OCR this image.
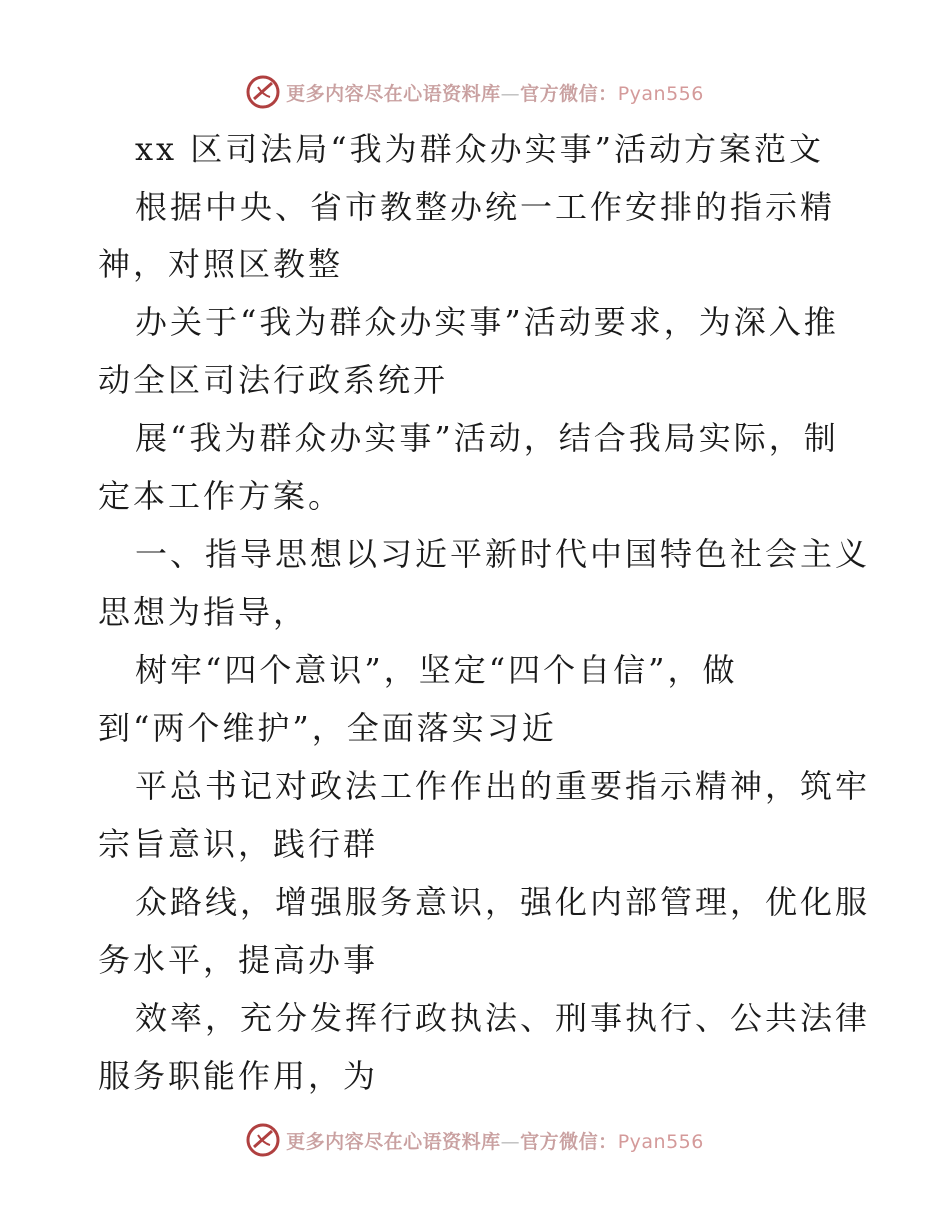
更多内容尽在心语资料库—官方微信：Pyan556
xx 区司法局“我为群众办实事”活动方案范文
根据中央、省市教整办统一工作安排的指示精
神，对照区教整
办关于“我为群众办实事”活动要求，为深入推
动全区司法行政系统开
展“我为群众办实事”活动，结合我局实际，制
定本工作方案。
一、指导思想以习近平新时代中国特色社会主义
思想为指导，
树牢“四个意识”，坚定“四个自信”，做
到“两个维护”，全面落实习近
平总书记对政法工作作出的重要指示精神，筑牢
宗旨意识，践行群
众路线，增强服务意识，强化内部管理，优化服
务水平，提高办事
效率，充分发挥行政执法、刑事执行、公共法律
服务职能作用，为
更多内容尽在心语资料库—官方微信：Pyan556
